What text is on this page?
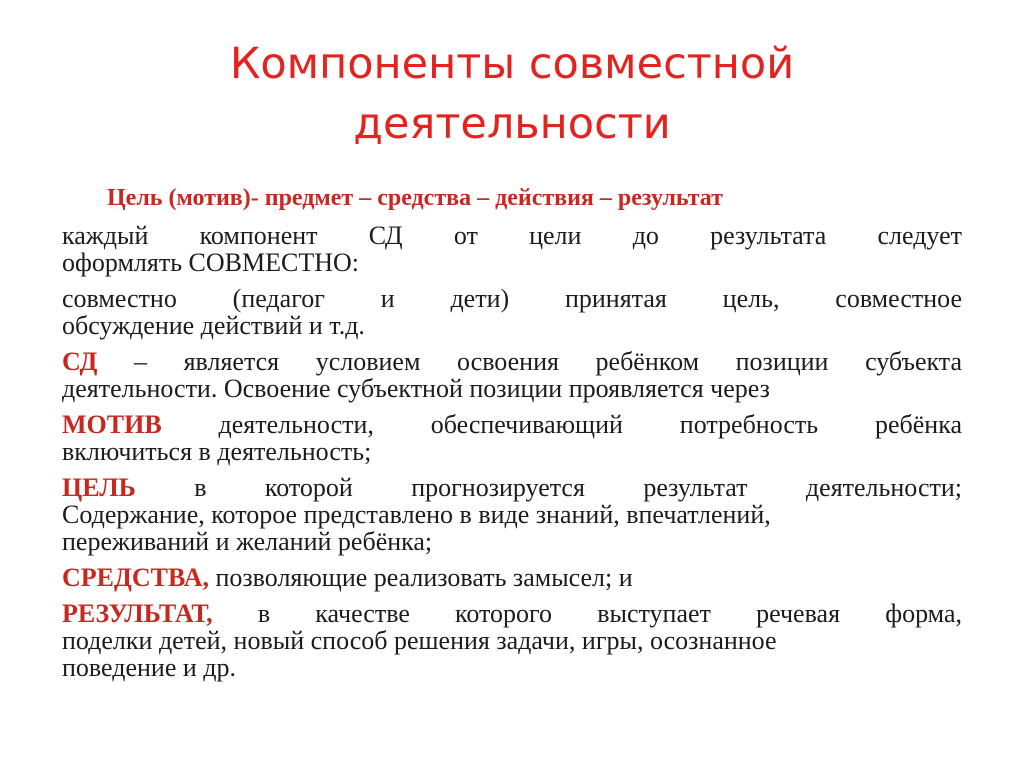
Компоненты совместной
деятельности
Цель (мотив)- предмет – средства – действия – результат

каждый компонент СД от цели до результата следует
оформлять СОВМЕСТНО:

совместно (педагог и дети) принятая цель, совместное
обсуждение действий и т.д.

СД – является условием освоения ребёнком позиции субъекта
деятельности. Освоение субъектной позиции проявляется через

МОТИВ деятельности, обеспечивающий потребность ребёнка
включиться в деятельность;

ЦЕЛЬ в которой прогнозируется результат деятельности;
Содержание, которое представлено в виде знаний, впечатлений,
переживаний и желаний ребёнка;

СРЕДСТВА, позволяющие реализовать замысел; и

РЕЗУЛЬТАТ, в качестве которого выступает речевая форма,
поделки детей, новый способ решения задачи, игры, осознанное
поведение и др.
